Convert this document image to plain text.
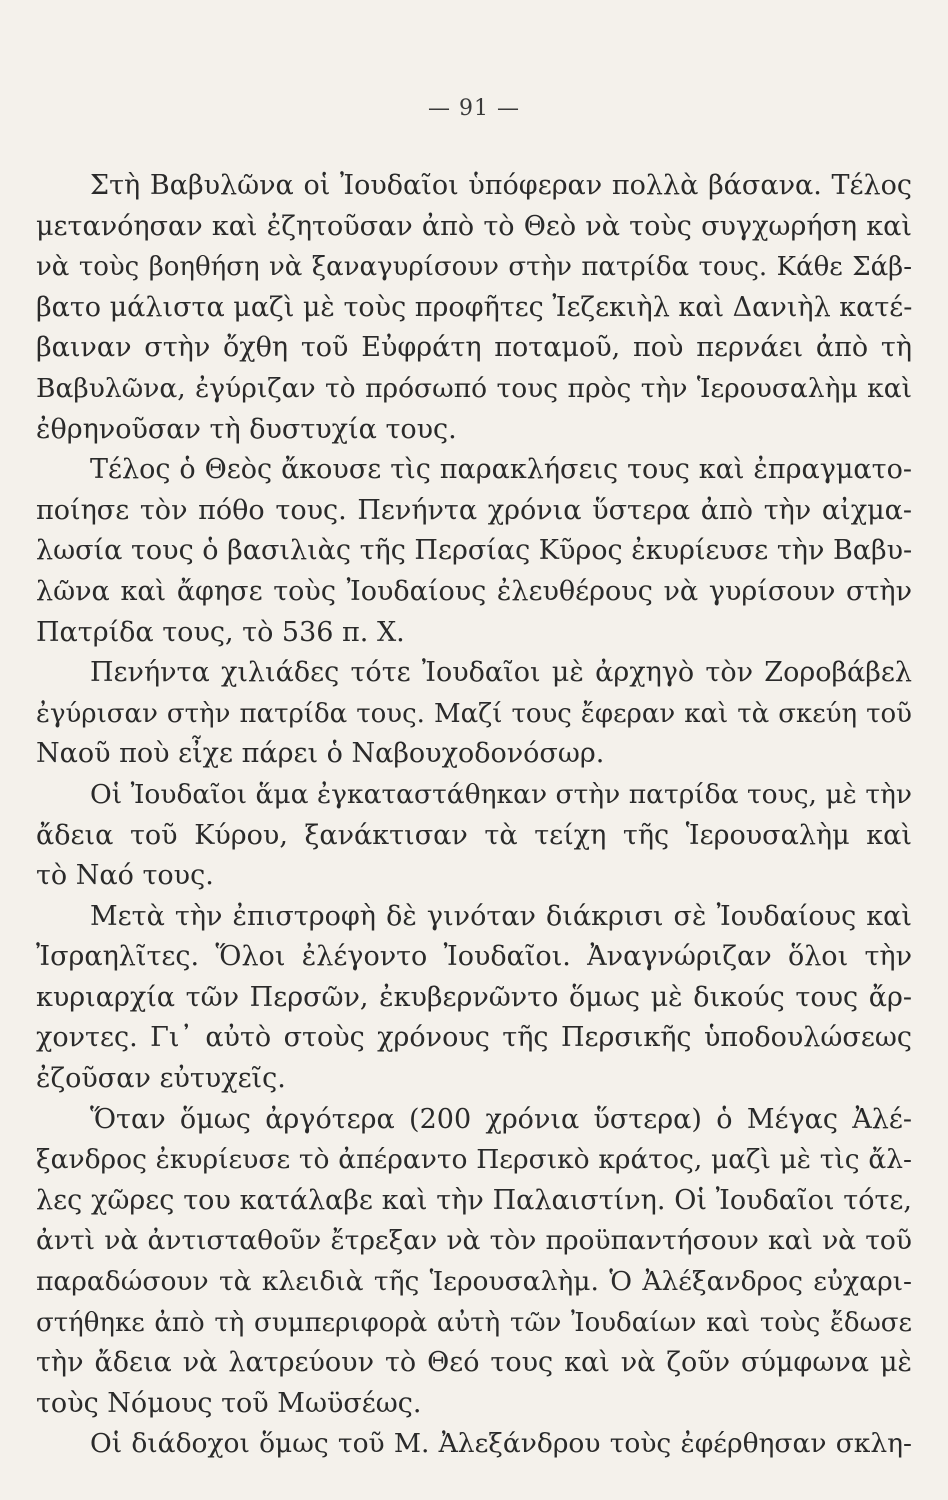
— 91 —
Στὴ Βαβυλῶνα οἱ Ἰουδαῖοι ὑπόφεραν πολλὰ βάσανα. Τέλος
μετανόησαν καὶ ἐζητοῦσαν ἀπὸ τὸ Θεὸ νὰ τοὺς συγχωρήση καὶ
νὰ τοὺς βοηθήση νὰ ξαναγυρίσουν στὴν πατρίδα τους. Κάθε Σάβ-
βατο μάλιστα μαζὶ μὲ τοὺς προφῆτες Ἰεζεκιὴλ καὶ Δανιὴλ κατέ-
βαιναν στὴν ὄχθη τοῦ Εὐφράτη ποταμοῦ, ποὺ περνάει ἀπὸ τὴ
Βαβυλῶνα, ἐγύριζαν τὸ πρόσωπό τους πρὸς τὴν Ἱερουσαλὴμ καὶ
ἐθρηνοῦσαν τὴ δυστυχία τους.
Τέλος ὁ Θεὸς ἄκουσε τὶς παρακλήσεις τους καὶ ἐπραγματο-
ποίησε τὸν πόθο τους. Πενήντα χρόνια ὕστερα ἀπὸ τὴν αἰχμα-
λωσία τους ὁ βασιλιὰς τῆς Περσίας Κῦρος ἐκυρίευσε τὴν Βαβυ-
λῶνα καὶ ἄφησε τοὺς Ἰουδαίους ἐλευθέρους νὰ γυρίσουν στὴν
Πατρίδα τους, τὸ 536 π. Χ.
Πενήντα χιλιάδες τότε Ἰουδαῖοι μὲ ἀρχηγὸ τὸν Ζοροβάβελ
ἐγύρισαν στὴν πατρίδα τους. Μαζί τους ἔφεραν καὶ τὰ σκεύη τοῦ
Ναοῦ ποὺ εἶχε πάρει ὁ Ναβουχοδονόσωρ.
Οἱ Ἰουδαῖοι ἅμα ἐγκαταστάθηκαν στὴν πατρίδα τους, μὲ τὴν
ἄδεια τοῦ Κύρου, ξανάκτισαν τὰ τείχη τῆς Ἱερουσαλὴμ καὶ
τὸ Ναό τους.
Μετὰ τὴν ἐπιστροφὴ δὲ γινόταν διάκρισι σὲ Ἰουδαίους καὶ
Ἰσραηλῖτες. Ὅλοι ἐλέγοντο Ἰουδαῖοι. Ἀναγνώριζαν ὅλοι τὴν
κυριαρχία τῶν Περσῶν, ἐκυβερνῶντο ὅμως μὲ δικούς τους ἄρ-
χοντες. Γι᾽ αὐτὸ στοὺς χρόνους τῆς Περσικῆς ὑποδουλώσεως
ἐζοῦσαν εὐτυχεῖς.
Ὅταν ὅμως ἀργότερα (200 χρόνια ὕστερα) ὁ Μέγας Ἀλέ-
ξανδρος ἐκυρίευσε τὸ ἀπέραντο Περσικὸ κράτος, μαζὶ μὲ τὶς ἄλ-
λες χῶρες του κατάλαβε καὶ τὴν Παλαιστίνη. Οἱ Ἰουδαῖοι τότε,
ἀντὶ νὰ ἀντισταθοῦν ἔτρεξαν νὰ τὸν προϋπαντήσουν καὶ νὰ τοῦ
παραδώσουν τὰ κλειδιὰ τῆς Ἱερουσαλὴμ. Ὁ Ἀλέξανδρος εὐχαρι-
στήθηκε ἀπὸ τὴ συμπεριφορὰ αὐτὴ τῶν Ἰουδαίων καὶ τοὺς ἔδωσε
τὴν ἄδεια νὰ λατρεύουν τὸ Θεό τους καὶ νὰ ζοῦν σύμφωνα μὲ
τοὺς Νόμους τοῦ Μωϋσέως.
Οἱ διάδοχοι ὅμως τοῦ Μ. Ἀλεξάνδρου τοὺς ἐφέρθησαν σκλη-
